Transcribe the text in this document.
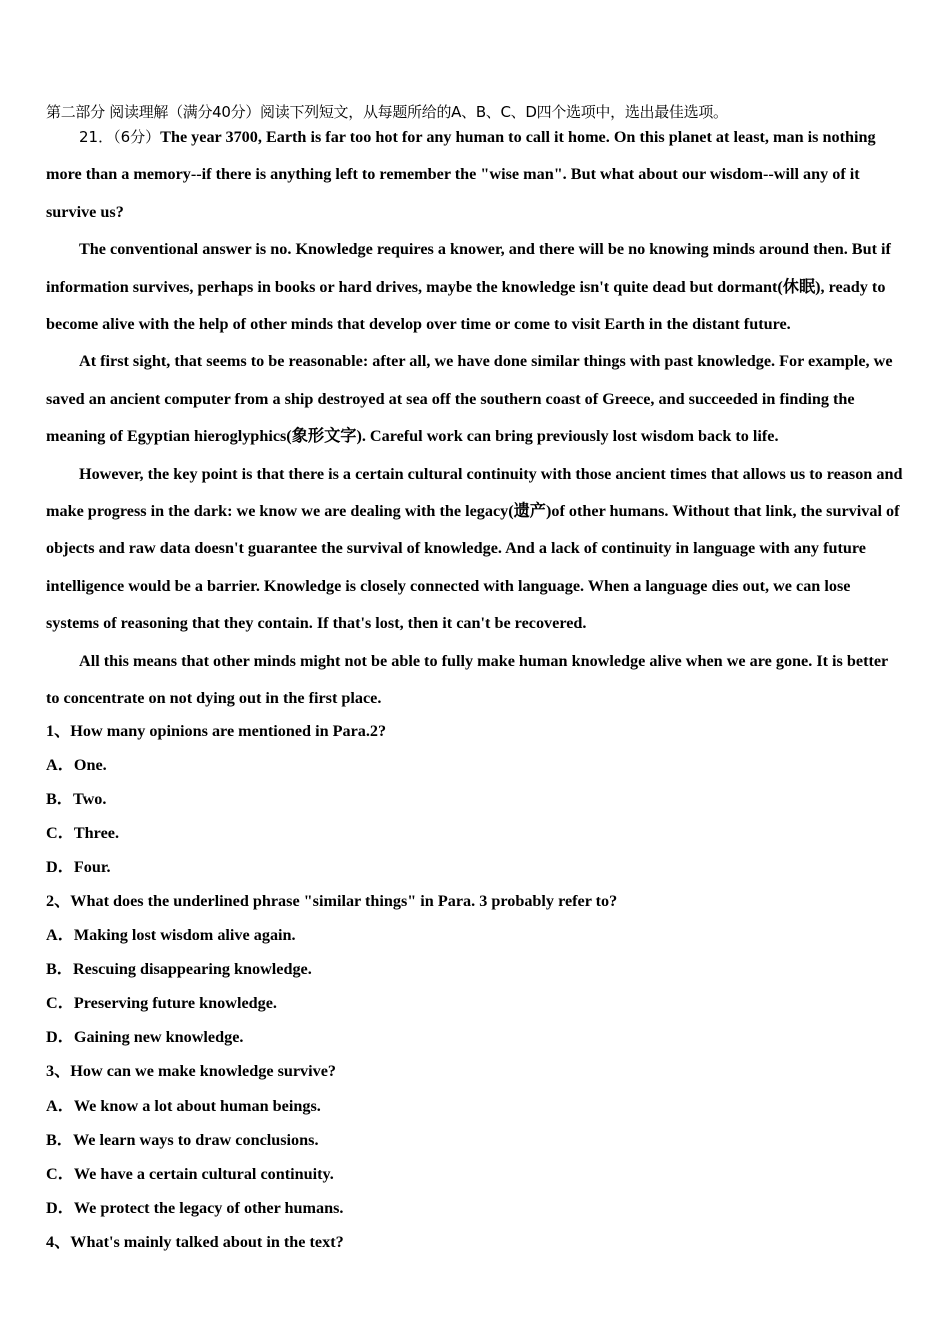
第二部分 阅读理解（满分40分）阅读下列短文，从每题所给的A、B、C、D四个选项中，选出最佳选项。

21．（6分）The year 3700, Earth is far too hot for any human to call it home. On this planet at least, man is nothing more than a memory--if there is anything left to remember the "wise man". But what about our wisdom--will any of it survive us?

The conventional answer is no. Knowledge requires a knower, and there will be no knowing minds around then. But if information survives, perhaps in books or hard drives, maybe the knowledge isn't quite dead but dormant(休眠), ready to become alive with the help of other minds that develop over time or come to visit Earth in the distant future.

At first sight, that seems to be reasonable: after all, we have done similar things with past knowledge. For example, we saved an ancient computer from a ship destroyed at sea off the southern coast of Greece, and succeeded in finding the meaning of Egyptian hieroglyphics(象形文字). Careful work can bring previously lost wisdom back to life.

However, the key point is that there is a certain cultural continuity with those ancient times that allows us to reason and make progress in the dark: we know we are dealing with the legacy(遗产)of other humans. Without that link, the survival of objects and raw data doesn't guarantee the survival of knowledge. And a lack of continuity in language with any future intelligence would be a barrier. Knowledge is closely connected with language. When a language dies out, we can lose systems of reasoning that they contain. If that's lost, then it can't be recovered.

All this means that other minds might not be able to fully make human knowledge alive when we are gone. It is better to concentrate on not dying out in the first place.

1、How many opinions are mentioned in Para.2?

A．One.

B．Two.

C．Three.

D．Four.

2、What does the underlined phrase "similar things" in Para. 3 probably refer to?

A．Making lost wisdom alive again.

B．Rescuing disappearing knowledge.

C．Preserving future knowledge.

D．Gaining new knowledge.

3、How can we make knowledge survive?

A．We know a lot about human beings.

B．We learn ways to draw conclusions.

C．We have a certain cultural continuity.

D．We protect the legacy of other humans.

4、What's mainly talked about in the text?
